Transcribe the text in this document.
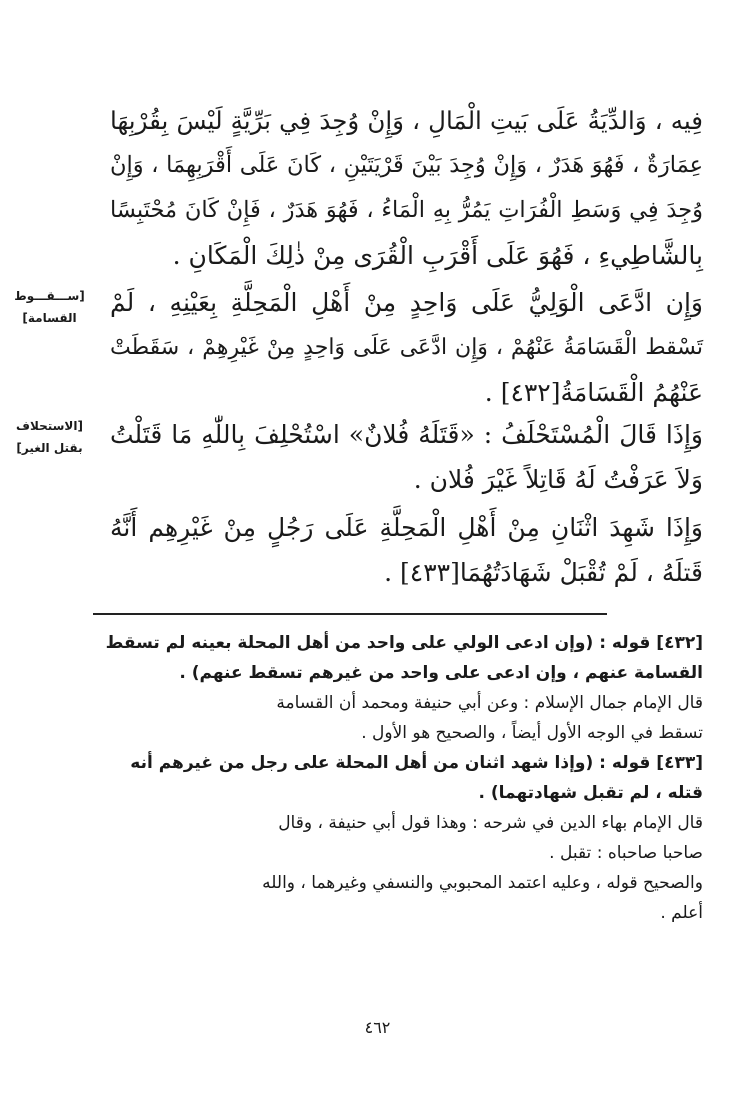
فِيه ، وَالدِّيَةُ عَلَى بَيتِ الْمَالِ ، وَإِنْ وُجِدَ فِي بَرِّيَّةٍ لَيْسَ بِقُرْبِهَا
عِمَارَةٌ ، فَهُوَ هَدَرٌ ، وَإِنْ وُجِدَ بَيْنَ قَرْيَتَيْنِ ، كَانَ عَلَى أَقْرَبِهِمَا ، وَإِنْ
وُجِدَ فِي وَسَطِ الْفُرَاتِ يَمُرُّ بِهِ الْمَاءُ ، فَهُوَ هَدَرٌ ، فَإِنْ كَانَ مُحْتَبِسًا
بِالشَّاطِيءِ ، فَهُوَ عَلَى أَقْرَبِ الْقُرَى مِنْ ذٰلِكَ الْمَكَانِ .
وَإِن ادَّعَى الْوَلِيُّ عَلَى وَاحِدٍ مِنْ أَهْلِ الْمَحِلَّةِ بِعَيْنِهِ ، لَمْ
تَسْقط الْقَسَامَةُ عَنْهُمْ ، وَإِن ادَّعَى عَلَى وَاحِدٍ مِنْ غَيْرِهِمْ ، سَقَطَتْ
عَنْهُمُ الْقَسَامَةُ[٤٣٢] .
وَإِذَا قَالَ الْمُسْتَحْلَفُ : «قَتَلَهُ فُلانٌ» اسْتُحْلِفَ بِاللّٰهِ مَا قَتَلْتُ
وَلاَ عَرَفْتُ لَهُ قَاتِلاً غَيْرَ فُلان .
وَإِذَا شَهِدَ اثْنَانِ مِنْ أَهْلِ الْمَحِلَّةِ عَلَى رَجُلٍ مِنْ غَيْرِهِم أَنَّهُ
قَتلَهُ ، لَمْ تُقْبَلْ شَهَادَتُهُمَا[٤٣٣] .
[ســـقـــوط
القسامة]
[الاستحلاف
بقتل الغير]
[٤٣٢] قوله : (وإن ادعى الولي على واحد من أهل المحلة بعينه لم تسقط
القسامة عنهم ، وإن ادعى على واحد من غيرهم تسقط عنهم) .
قال الإمام جمال الإسلام : وعن أبي حنيفة ومحمد أن القسامة
تسقط في الوجه الأول أيضاً ، والصحيح هو الأول .
[٤٣٣] قوله : (وإذا شهد اثنان من أهل المحلة على رجل من غيرهم أنه
قتله ، لم تقبل شهادتهما) .
قال الإمام بهاء الدين في شرحه : وهذا قول أبي حنيفة ، وقال
صاحبا صاحباه : تقبل .
والصحيح قوله ، وعليه اعتمد المحبوبي والنسفي وغيرهما ، والله
أعلم .
٤٦٢
